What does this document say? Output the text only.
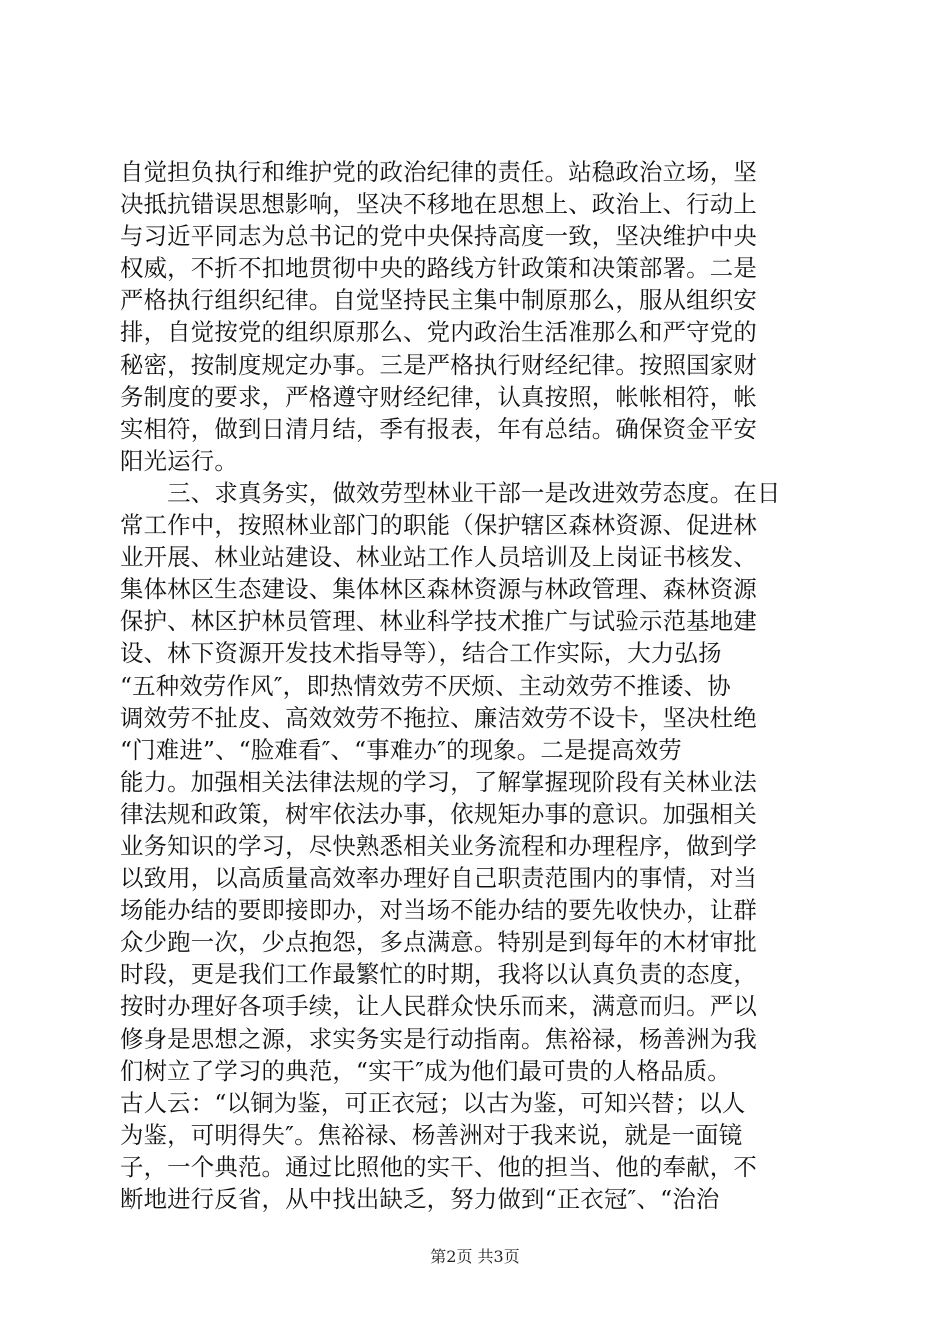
自觉担负执行和维护党的政治纪律的责任。站稳政治立场，坚
决抵抗错误思想影响，坚决不移地在思想上、政治上、行动上
与习近平同志为总书记的党中央保持高度一致，坚决维护中央
权威，不折不扣地贯彻中央的路线方针政策和决策部署。二是
严格执行组织纪律。自觉坚持民主集中制原那么，服从组织安
排，自觉按党的组织原那么、党内政治生活准那么和严守党的
秘密，按制度规定办事。三是严格执行财经纪律。按照国家财
务制度的要求，严格遵守财经纪律，认真按照，帐帐相符，帐
实相符，做到日清月结，季有报表，年有总结。确保资金平安
阳光运行。
　　三、求真务实，做效劳型林业干部一是改进效劳态度。在日
常工作中，按照林业部门的职能（保护辖区森林资源、促进林
业开展、林业站建设、林业站工作人员培训及上岗证书核发、
集体林区生态建设、集体林区森林资源与林政管理、森林资源
保护、林区护林员管理、林业科学技术推广与试验示范基地建
设、林下资源开发技术指导等），结合工作实际，大力弘扬
“五种效劳作风″，即热情效劳不厌烦、主动效劳不推诿、协
调效劳不扯皮、高效效劳不拖拉、廉洁效劳不设卡，坚决杜绝
“门难进”、“脸难看″、“事难办″的现象。二是提高效劳
能力。加强相关法律法规的学习，了解掌握现阶段有关林业法
律法规和政策，树牢依法办事，依规矩办事的意识。加强相关
业务知识的学习，尽快熟悉相关业务流程和办理程序，做到学
以致用，以高质量高效率办理好自己职责范围内的事情，对当
场能办结的要即接即办，对当场不能办结的要先收快办，让群
众少跑一次，少点抱怨，多点满意。特别是到每年的木材审批
时段，更是我们工作最繁忙的时期，我将以认真负责的态度，
按时办理好各项手续，让人民群众快乐而来，满意而归。严以
修身是思想之源，求实务实是行动指南。焦裕禄，杨善洲为我
们树立了学习的典范，“实干″成为他们最可贵的人格品质。
古人云：“以铜为鉴，可正衣冠；以古为鉴，可知兴替；以人
为鉴，可明得失″。焦裕禄、杨善洲对于我来说，就是一面镜
子，一个典范。通过比照他的实干、他的担当、他的奉献，不
断地进行反省，从中找出缺乏，努力做到“正衣冠″、“治治
第2页 共3页
